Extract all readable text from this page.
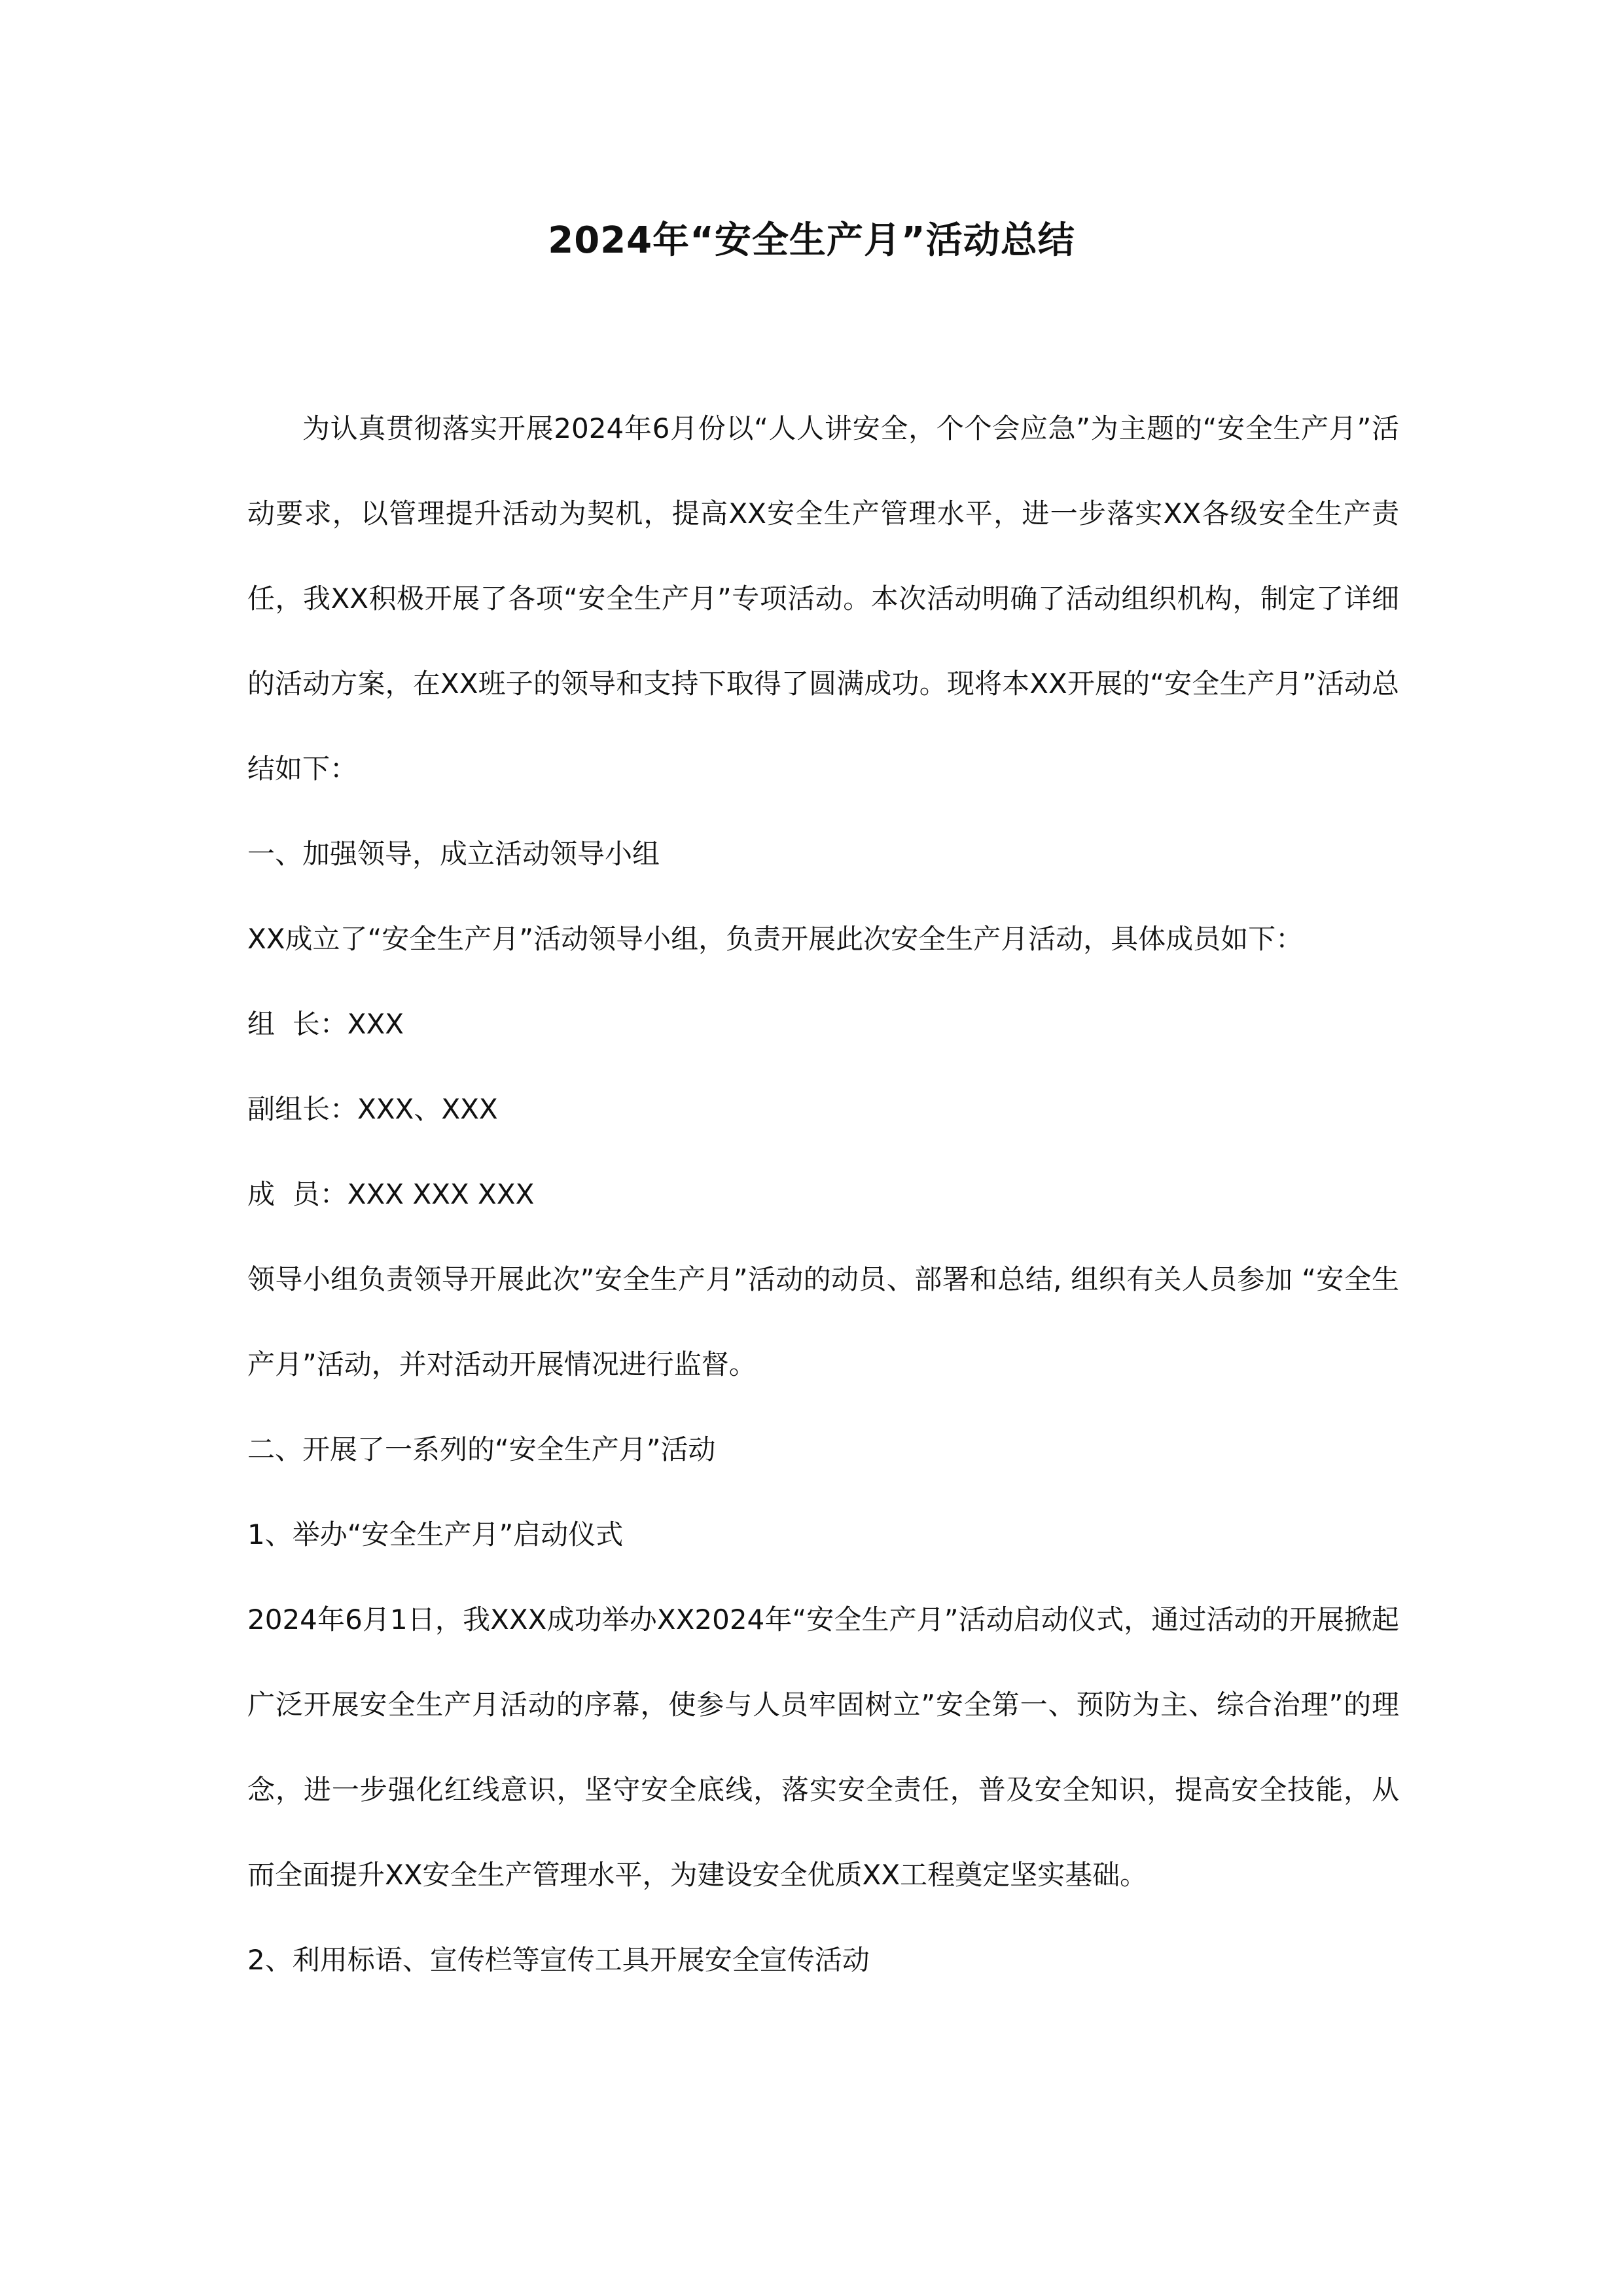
2024年“安全生产月”活动总结

为认真贯彻落实开展2024年6月份以“人人讲安全，个个会应急”为主题的“安全生产月”活动要求，以管理提升活动为契机，提高XX安全生产管理水平，进一步落实XX各级安全生产责任，我XX积极开展了各项“安全生产月”专项活动。本次活动明确了活动组织机构，制定了详细的活动方案，在XX班子的领导和支持下取得了圆满成功。现将本XX开展的“安全生产月”活动总结如下：

一、加强领导，成立活动领导小组

XX成立了“安全生产月”活动领导小组，负责开展此次安全生产月活动，具体成员如下：

组  长：XXX

副组长：XXX、XXX

成  员：XXX XXX XXX

领导小组负责领导开展此次”安全生产月”活动的动员、部署和总结, 组织有关人员参加 “安全生产月”活动，并对活动开展情况进行监督。

二、开展了一系列的“安全生产月”活动

1、举办“安全生产月”启动仪式

2024年6月1日，我XXX成功举办XX2024年“安全生产月”活动启动仪式，通过活动的开展掀起广泛开展安全生产月活动的序幕，使参与人员牢固树立”安全第一、预防为主、综合治理”的理念，进一步强化红线意识，坚守安全底线，落实安全责任，普及安全知识，提高安全技能，从而全面提升XX安全生产管理水平，为建设安全优质XX工程奠定坚实基础。

2、利用标语、宣传栏等宣传工具开展安全宣传活动
